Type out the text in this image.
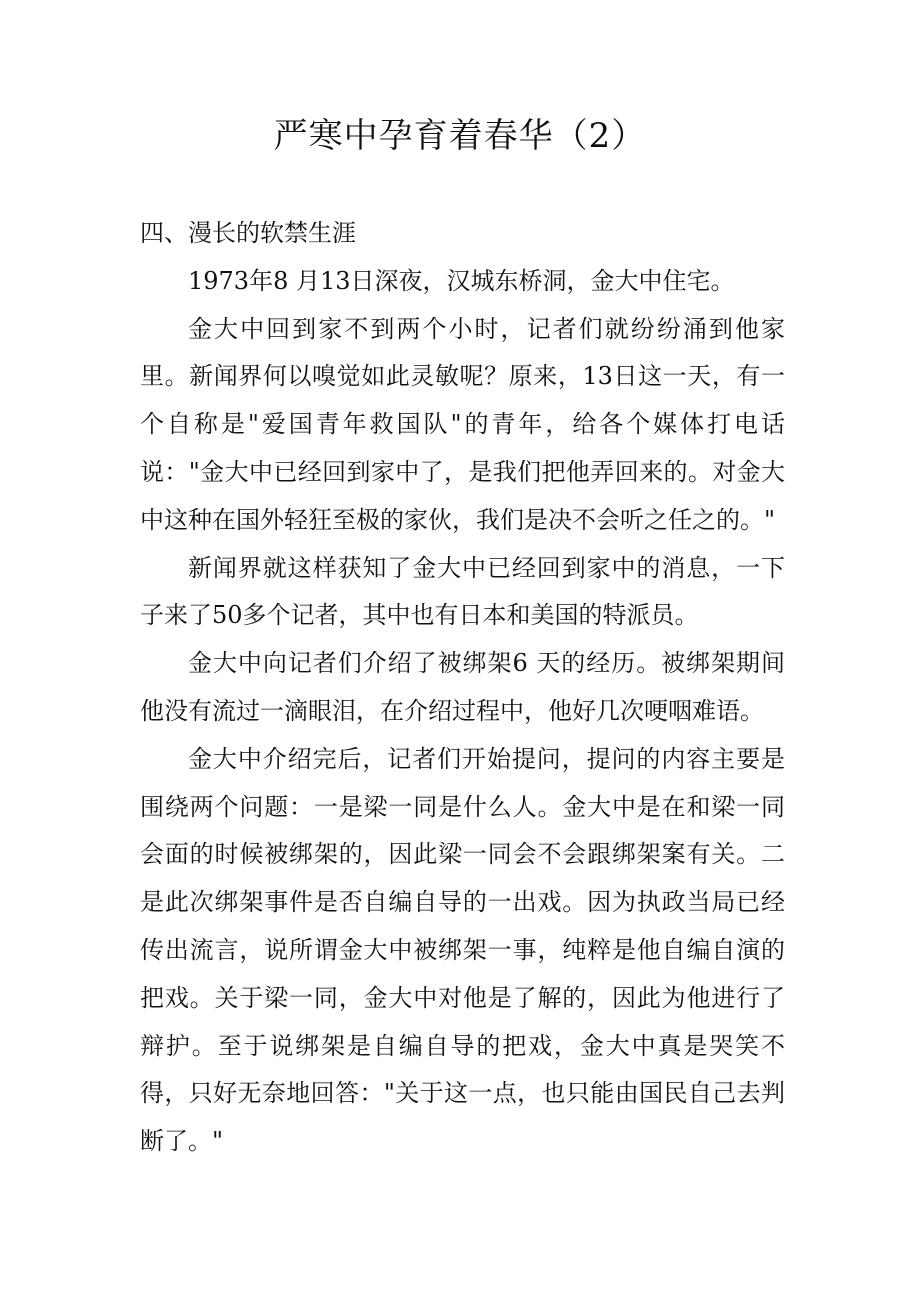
严寒中孕育着春华（2）
四、漫长的软禁生涯

1973年8 月13日深夜，汉城东桥洞，金大中住宅。

金大中回到家不到两个小时，记者们就纷纷涌到他家里。新闻界何以嗅觉如此灵敏呢？原来，13日这一天，有一个自称是"爱国青年救国队"的青年，给各个媒体打电话说："金大中已经回到家中了，是我们把他弄回来的。对金大中这种在国外轻狂至极的家伙，我们是决不会听之任之的。"

新闻界就这样获知了金大中已经回到家中的消息，一下子来了50多个记者，其中也有日本和美国的特派员。

金大中向记者们介绍了被绑架6 天的经历。被绑架期间他没有流过一滴眼泪，在介绍过程中，他好几次哽咽难语。

金大中介绍完后，记者们开始提问，提问的内容主要是围绕两个问题：一是梁一同是什么人。金大中是在和梁一同会面的时候被绑架的，因此梁一同会不会跟绑架案有关。二是此次绑架事件是否自编自导的一出戏。因为执政当局已经传出流言，说所谓金大中被绑架一事，纯粹是他自编自演的把戏。关于梁一同，金大中对他是了解的，因此为他进行了辩护。至于说绑架是自编自导的把戏，金大中真是哭笑不得，只好无奈地回答："关于这一点，也只能由国民自己去判断了。"
